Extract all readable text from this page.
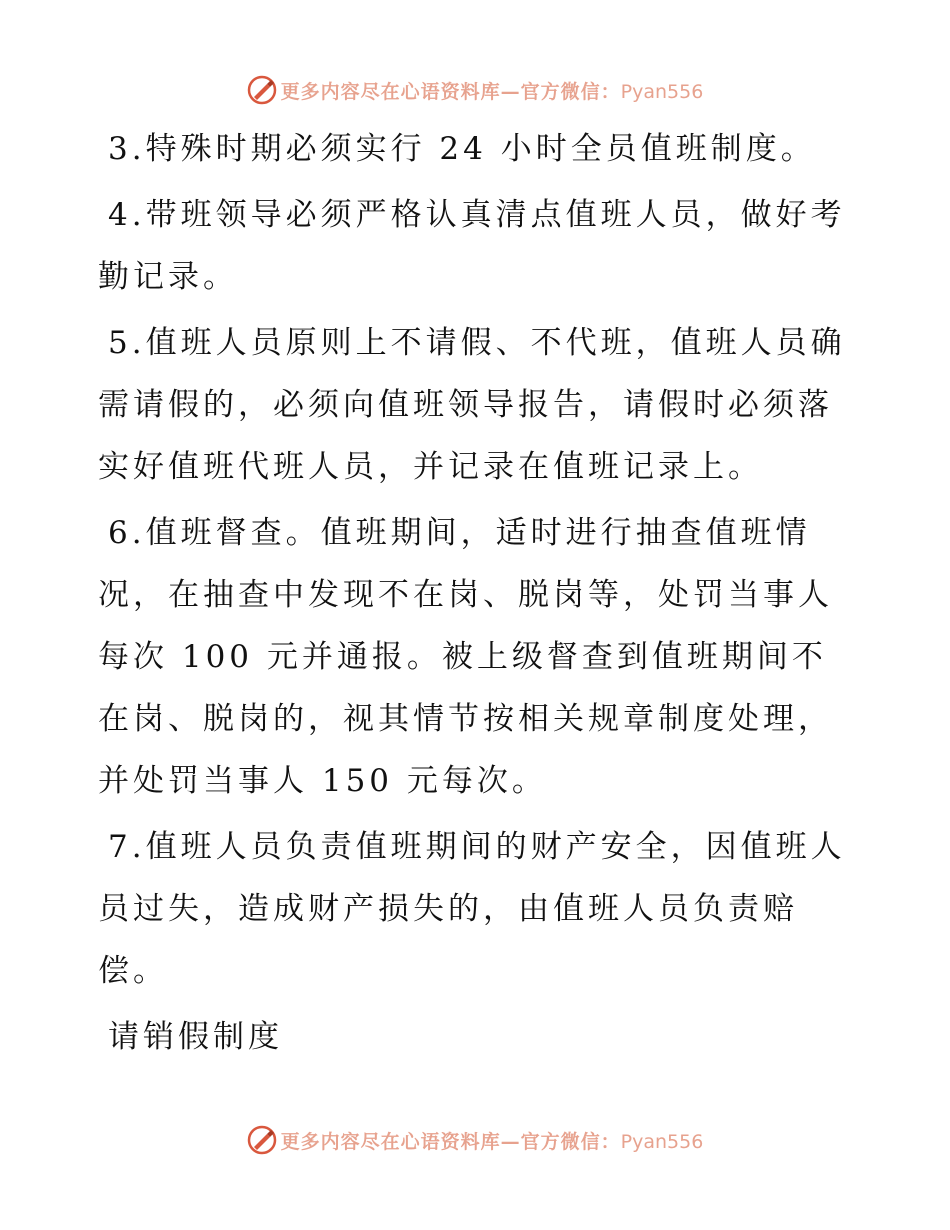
更多内容尽在心语资料库—官方微信：Pyan556

3.特殊时期必须实行 24 小时全员值班制度。

4.带班领导必须严格认真清点值班人员，做好考勤记录。

5.值班人员原则上不请假、不代班，值班人员确需请假的，必须向值班领导报告，请假时必须落实好值班代班人员，并记录在值班记录上。

6.值班督查。值班期间，适时进行抽查值班情况，在抽查中发现不在岗、脱岗等，处罚当事人每次 100 元并通报。被上级督查到值班期间不在岗、脱岗的，视其情节按相关规章制度处理，并处罚当事人 150 元每次。

7.值班人员负责值班期间的财产安全，因值班人员过失，造成财产损失的，由值班人员负责赔偿。

请销假制度

更多内容尽在心语资料库—官方微信：Pyan556
